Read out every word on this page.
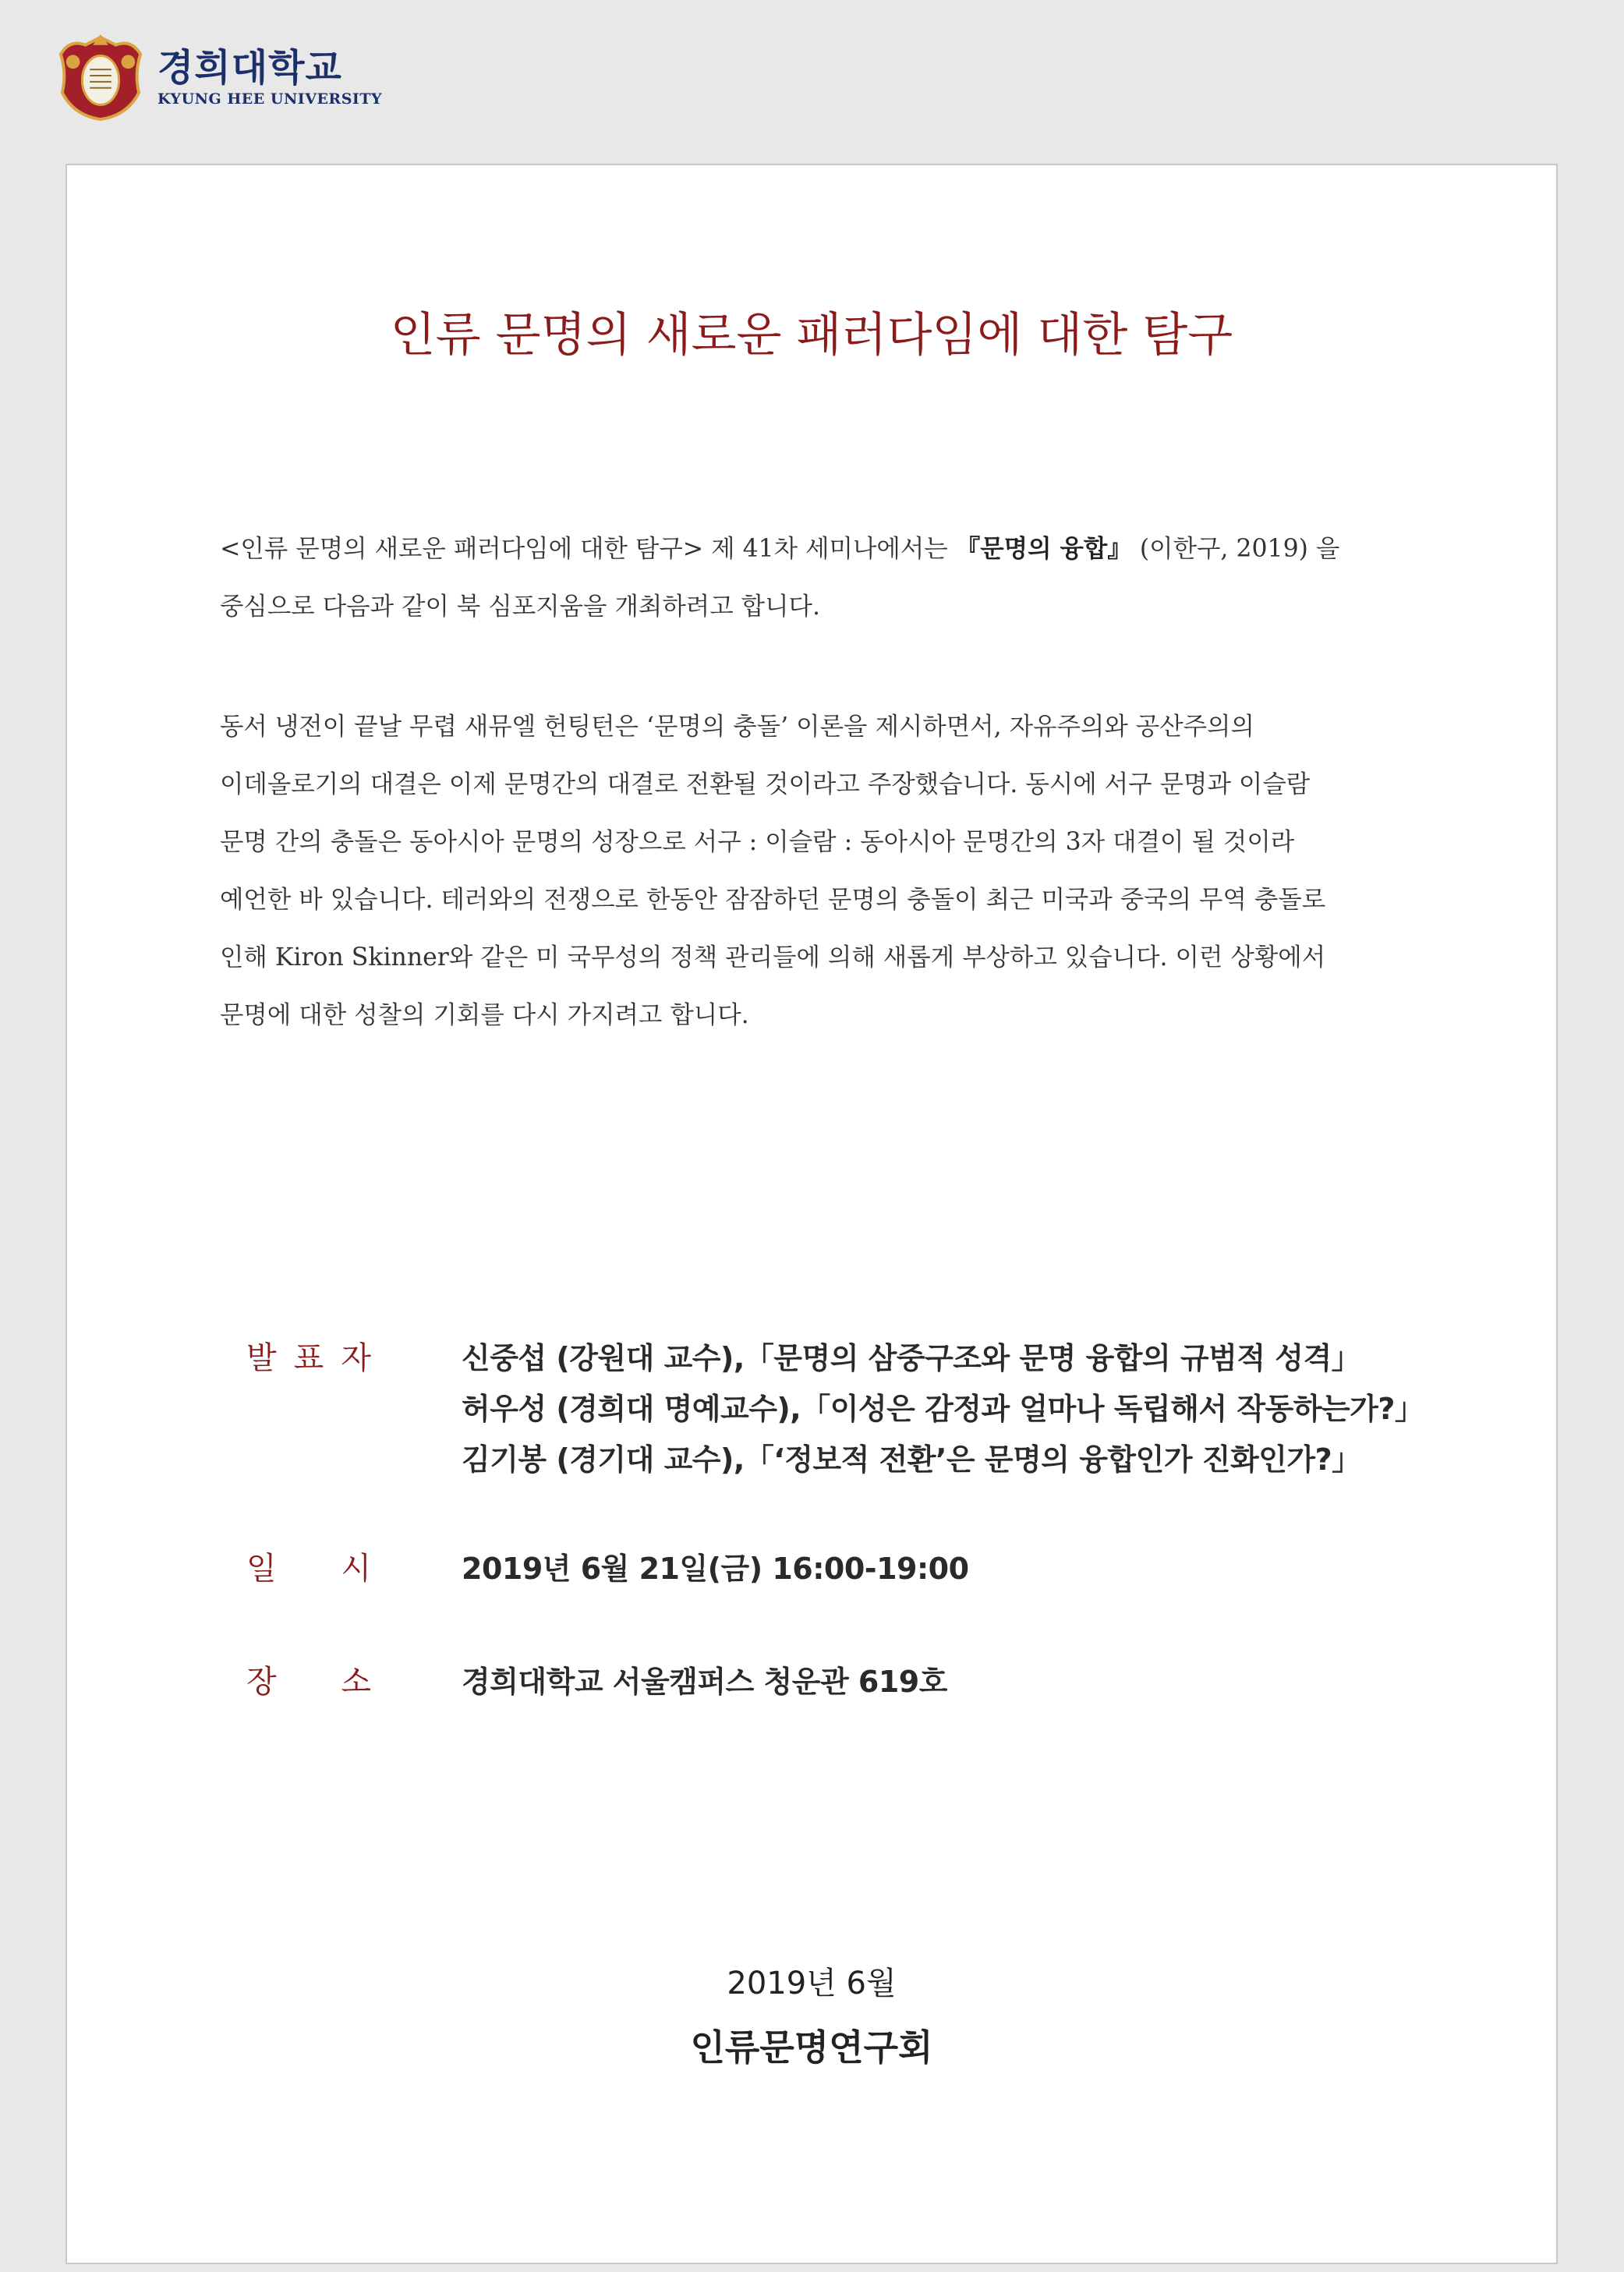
경희대학교
KYUNG HEE UNIVERSITY
인류 문명의 새로운 패러다임에 대한 탐구
<인류 문명의 새로운 패러다임에 대한 탐구> 제 41차 세미나에서는 『문명의 융합』 (이한구, 2019) 을
중심으로 다음과 같이 북 심포지움을 개최하려고 합니다.
동서 냉전이 끝날 무렵 새뮤엘 헌팅턴은 ‘문명의 충돌’ 이론을 제시하면서, 자유주의와 공산주의의
이데올로기의 대결은 이제 문명간의 대결로 전환될 것이라고 주장했습니다. 동시에 서구 문명과 이슬람
문명 간의 충돌은 동아시아 문명의 성장으로 서구 : 이슬람 : 동아시아 문명간의 3자 대결이 될 것이라
예언한 바 있습니다. 테러와의 전쟁으로 한동안 잠잠하던 문명의 충돌이 최근 미국과 중국의 무역 충돌로
인해 Kiron Skinner와 같은 미 국무성의 정책 관리들에 의해 새롭게 부상하고 있습니다. 이런 상황에서
문명에 대한 성찰의 기회를 다시 가지려고 합니다.
발 표 자	신중섭 (강원대 교수),「문명의 삼중구조와 문명 융합의 규범적 성격」
허우성 (경희대 명예교수),「이성은 감정과 얼마나 독립해서 작동하는가?」
김기봉 (경기대 교수),「‘정보적 전환’은 문명의 융합인가 진화인가?」
일 시	2019년 6월 21일(금) 16:00-19:00
장 소	경희대학교 서울캠퍼스 청운관 619호
2019년 6월
인류문명연구회
